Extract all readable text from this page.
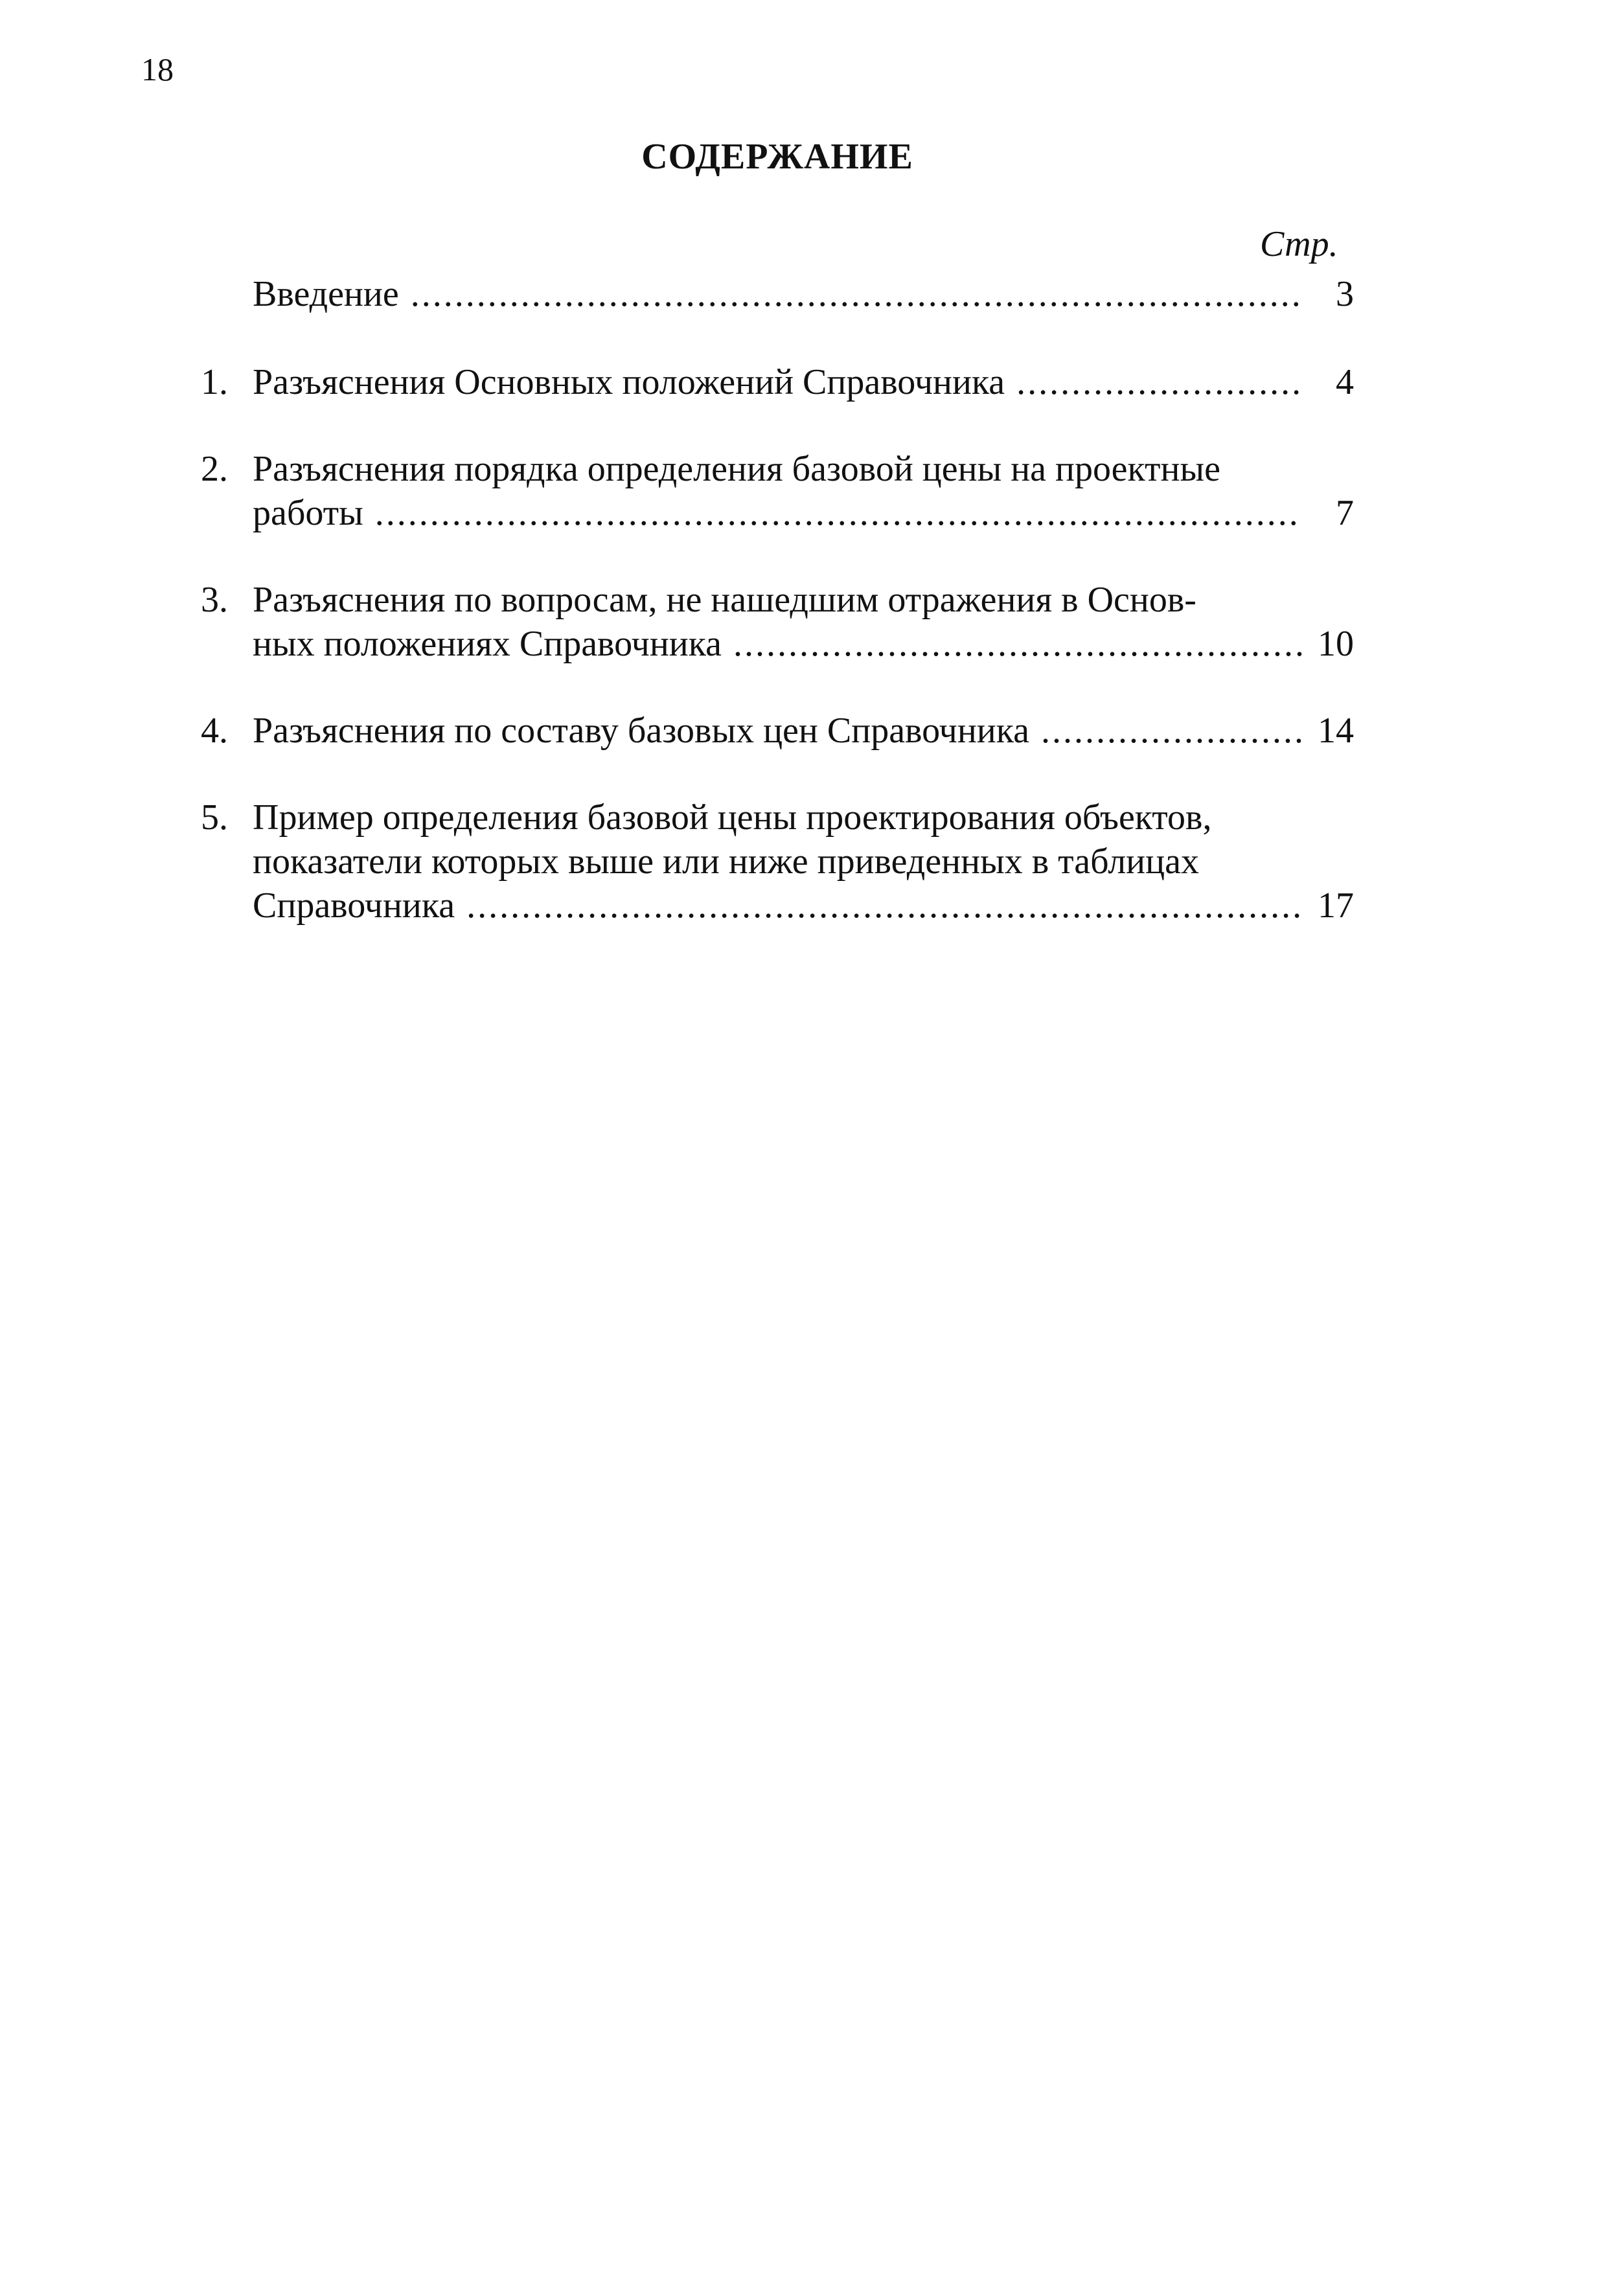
18
СОДЕРЖАНИЕ
Стр.
Введение .....	3
1. Разъяснения Основных положений Справочника .....	4
2. Разъяснения порядка определения базовой цены на проектные
работы .....	7
3. Разъяснения по вопросам, не нашедшим отражения в Основ-
ных положениях Справочника .....	10
4. Разъяснения по составу базовых цен Справочника .....	14
5. Пример определения базовой цены проектирования объектов,
показатели которых выше или ниже приведенных в таблицах
Справочника .....	17
